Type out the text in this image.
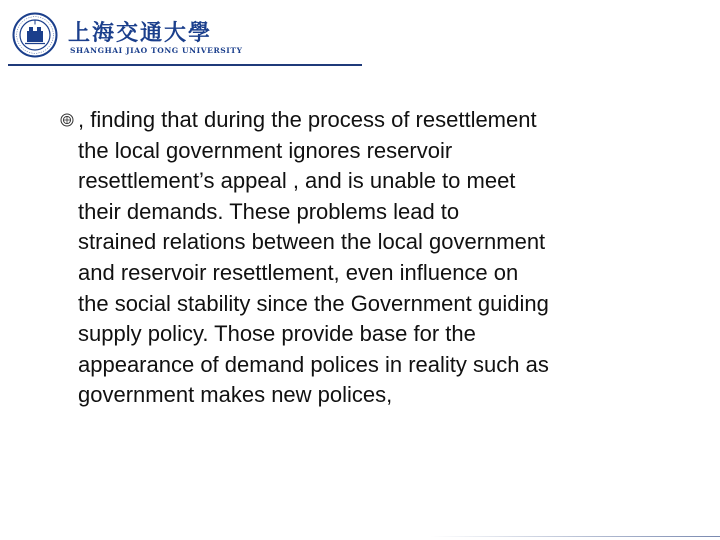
上海交通大學
SHANGHAI JIAO TONG UNIVERSITY
, finding that during the process of resettlement
the local government ignores reservoir
resettlement’s appeal , and is unable to meet
their demands. These problems lead to
strained relations between the local government
and reservoir resettlement, even influence on
the social stability since the Government guiding
supply policy. Those provide base for the
appearance of demand polices in reality such as
government makes new polices,
